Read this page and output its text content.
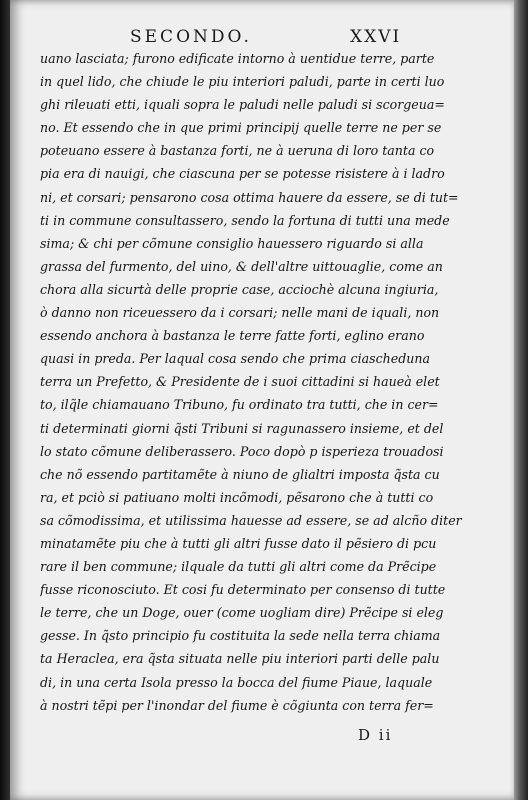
SECONDO.	XXVI
uano lasciata; furono edificate intorno à uentidue terre, parte
in quel lido, che chiude le piu interiori paludi, parte in certi luo
ghi rileuati etti, iquali sopra le paludi nelle paludi si scorgeua=
no. Et essendo che in que primi principij quelle terre ne per se
poteuano essere à bastanza forti, ne à ueruna di loro tanta co
pia era di nauigi, che ciascuna per se potesse risistere à i ladro
ni, et corsari; pensarono cosa ottima hauere da essere, se di tut=
ti in commune consultassero, sendo la fortuna di tutti una mede
sima; & chi per cõmune consiglio hauessero riguardo si alla
grassa del furmento, del uino, & dell'altre uittouaglie, come an
chora alla sicurtà delle proprie case, acciochè alcuna ingiuria,
ò danno non riceuessero da i corsari; nelle mani de iquali, non
essendo anchora à bastanza le terre fatte forti, eglino erano
quasi in preda. Per laqual cosa sendo che prima ciascheduna
terra un Prefetto, & Presidente de i suoi cittadini si haueà elet
to, ilq̃le chiamauano Tribuno, fu ordinato tra tutti, che in cer=
ti determinati giorni q̃sti Tribuni si ragunassero insieme, et del
lo stato cõmune deliberassero. Poco dopò p isperieza trouadosi
che nõ essendo partitamẽte à niuno de glialtri imposta q̃sta cu
ra, et pciò si patiuano molti incõmodi, pẽsarono che à tutti co
sa cõmodissima, et utilissima hauesse ad essere, se ad alcño diter
minatamẽte piu che à tutti gli altri fusse dato il pẽsiero di pcu
rare il ben commune; ilquale da tutti gli altri come da Prẽcipe
fusse riconosciuto. Et cosi fu determinato per consenso di tutte
le terre, che un Doge, ouer (come uogliam dire) Prẽcipe si eleg
gesse. In q̃sto principio fu costituita la sede nella terra chiama
ta Heraclea, era q̃sta situata nelle piu interiori parti delle palu
di, in una certa Isola presso la bocca del fiume Piaue, laquale
à nostri tẽpi per l'inondar del fiume è cõgiunta con terra fer=
D ii
